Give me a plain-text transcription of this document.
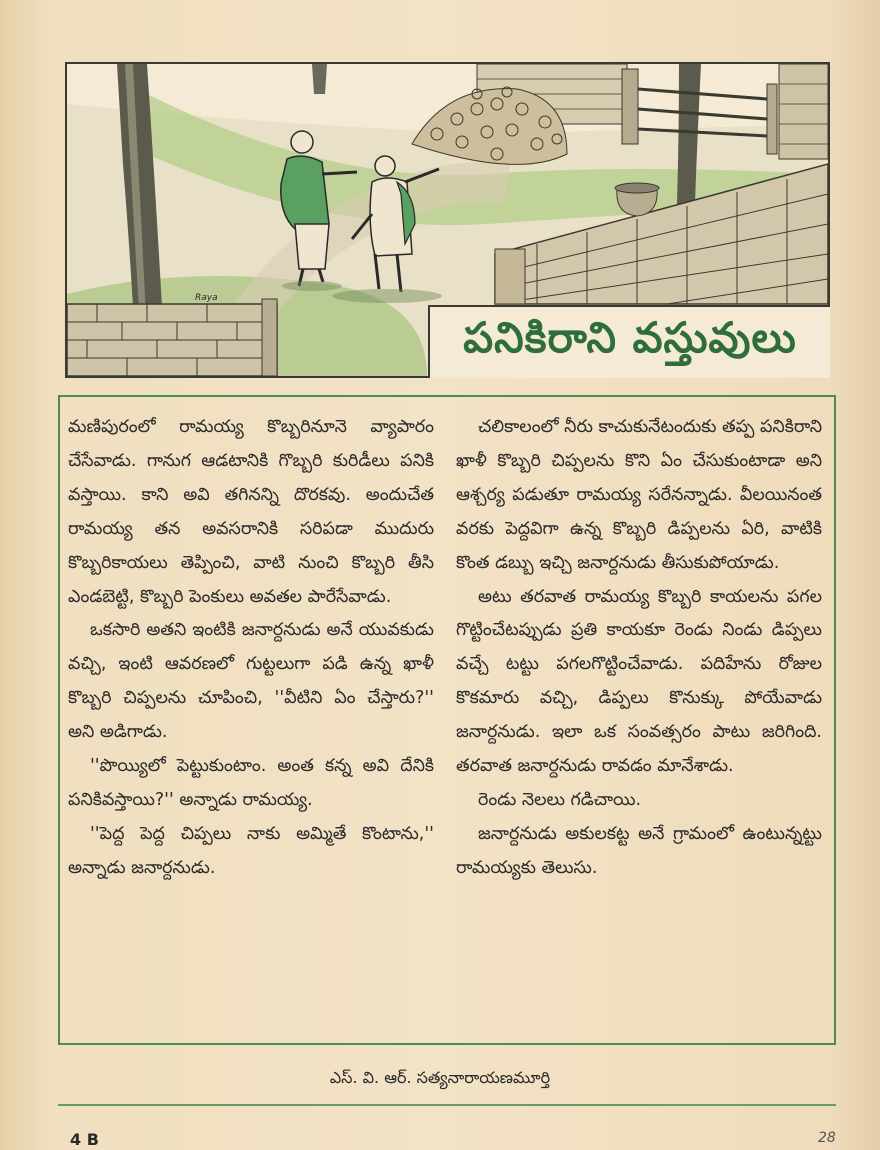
Raya
పనికిరాని వస్తువులు

మణిపురంలో రామయ్య కొబ్బరినూనె వ్యాపారం చేసేవాడు. గానుగ ఆడటానికి గొబ్బరి కురిడీలు పనికి వస్తాయి. కాని అవి తగినన్ని దొరకవు. అందుచేత రామయ్య తన అవసరానికి సరిపడా ముదురు కొబ్బరికాయలు తెప్పించి, వాటి నుంచి కొబ్బరి తీసి ఎండబెట్టి, కొబ్బరి పెంకులు అవతల పారేసేవాడు.

ఒకసారి అతని ఇంటికి జనార్దనుడు అనే యువకుడు వచ్చి, ఇంటి ఆవరణలో గుట్టలుగా పడి ఉన్న ఖాళీ కొబ్బరి చిప్పలను చూపించి, ''వీటిని ఏం చేస్తారు?'' అని అడిగాడు.

''పొయ్యిలో పెట్టుకుంటాం. అంత కన్న అవి దేనికి పనికివస్తాయి?'' అన్నాడు రామయ్య.

''పెద్ద పెద్ద చిప్పలు నాకు అమ్మితే కొంటాను,'' అన్నాడు జనార్దనుడు.

చలికాలంలో నీరు కాచుకునేటందుకు తప్ప పనికిరాని ఖాళీ కొబ్బరి చిప్పలను కొని ఏం చేసుకుంటాడా అని ఆశ్చర్య పడుతూ రామయ్య సరేనన్నాడు. వీలయినంత వరకు పెద్దవిగా ఉన్న కొబ్బరి డిప్పలను ఏరి, వాటికి కొంత డబ్బు ఇచ్చి జనార్దనుడు తీసుకుపోయాడు.

అటు తరవాత రామయ్య కొబ్బరి కాయలను పగల గొట్టించేటప్పుడు ప్రతి కాయకూ రెండు నిండు డిప్పలు వచ్చే టట్టు పగలగొట్టించేవాడు. పదిహేను రోజుల కొకమారు వచ్చి, డిప్పలు కొనుక్కు పోయేవాడు జనార్దనుడు. ఇలా ఒక సంవత్సరం పాటు జరిగింది. తరవాత జనార్దనుడు రావడం మానేశాడు.

రెండు నెలలు గడిచాయి.

జనార్దనుడు అకులకట్ట అనే గ్రామంలో ఉంటున్నట్టు రామయ్యకు తెలుసు.

ఎస్. వి. ఆర్. సత్యనారాయణమూర్తి
4 B	28
